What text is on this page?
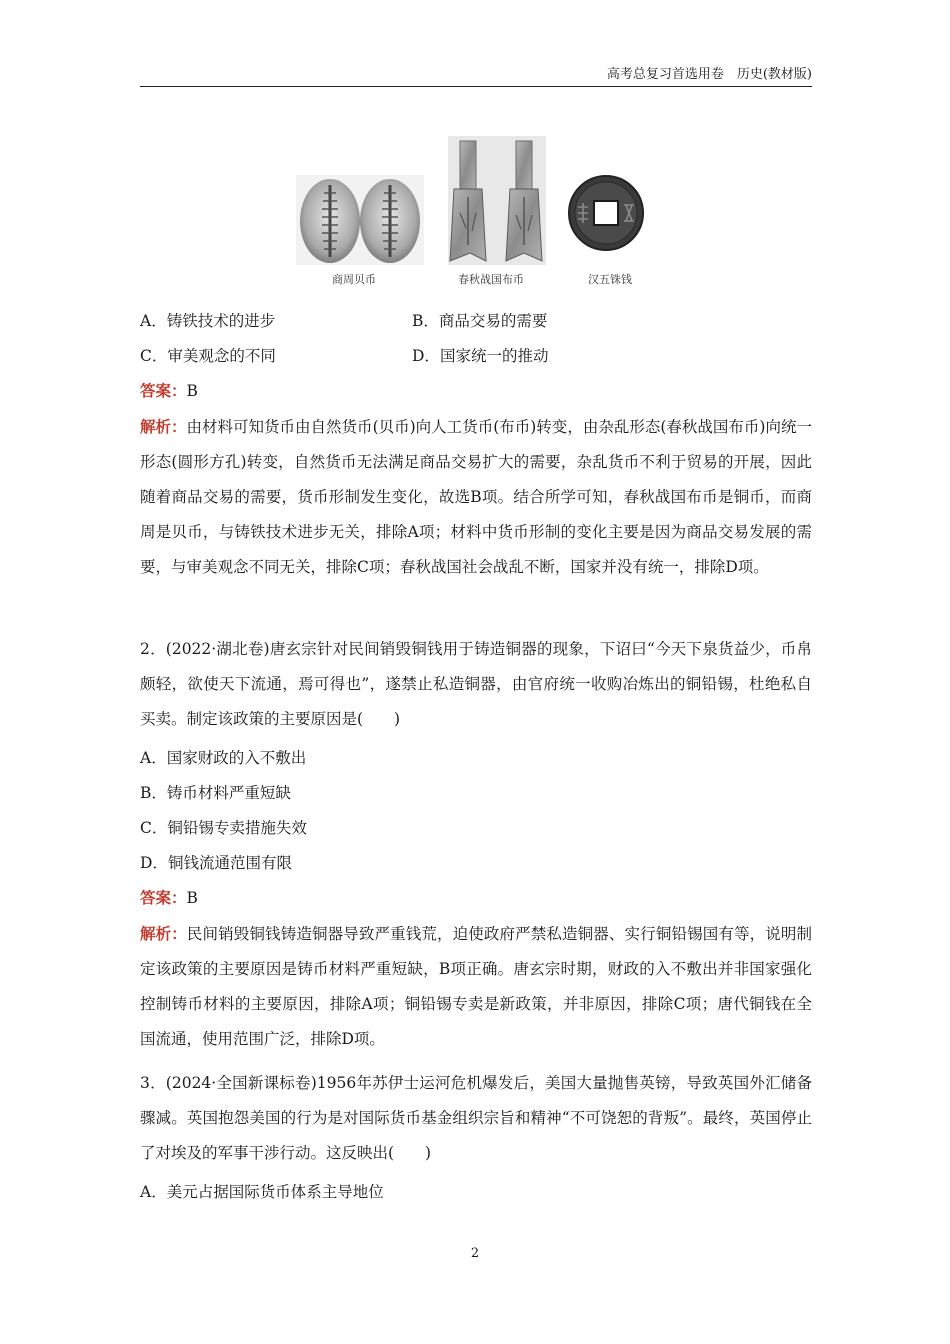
高考总复习首选用卷　历史(教材版)
商周贝币	春秋战国布币	汉五铢钱
A．铸铁技术的进步	B．商品交易的需要
C．审美观念的不同	D．国家统一的推动
答案：B
解析：由材料可知货币由自然货币(贝币)向人工货币(布币)转变，由杂乱形态(春秋战国布币)向统一形态(圆形方孔)转变，自然货币无法满足商品交易扩大的需要，杂乱货币不利于贸易的开展，因此随着商品交易的需要，货币形制发生变化，故选B项。结合所学可知，春秋战国布币是铜币，而商周是贝币，与铸铁技术进步无关，排除A项；材料中货币形制的变化主要是因为商品交易发展的需要，与审美观念不同无关，排除C项；春秋战国社会战乱不断，国家并没有统一，排除D项。
2．(2022·湖北卷)唐玄宗针对民间销毁铜钱用于铸造铜器的现象，下诏曰“今天下泉货益少，币帛颇轻，欲使天下流通，焉可得也”，遂禁止私造铜器，由官府统一收购冶炼出的铜铅锡，杜绝私自买卖。制定该政策的主要原因是(　　)
A．国家财政的入不敷出
B．铸币材料严重短缺
C．铜铅锡专卖措施失效
D．铜钱流通范围有限
答案：B
解析：民间销毁铜钱铸造铜器导致严重钱荒，迫使政府严禁私造铜器、实行铜铅锡国有等，说明制定该政策的主要原因是铸币材料严重短缺，B项正确。唐玄宗时期，财政的入不敷出并非国家强化控制铸币材料的主要原因，排除A项；铜铅锡专卖是新政策，并非原因，排除C项；唐代铜钱在全国流通，使用范围广泛，排除D项。
3．(2024·全国新课标卷)1956年苏伊士运河危机爆发后，美国大量抛售英镑，导致英国外汇储备骤减。英国抱怨美国的行为是对国际货币基金组织宗旨和精神“不可饶恕的背叛”。最终，英国停止了对埃及的军事干涉行动。这反映出(　　)
A．美元占据国际货币体系主导地位
2
